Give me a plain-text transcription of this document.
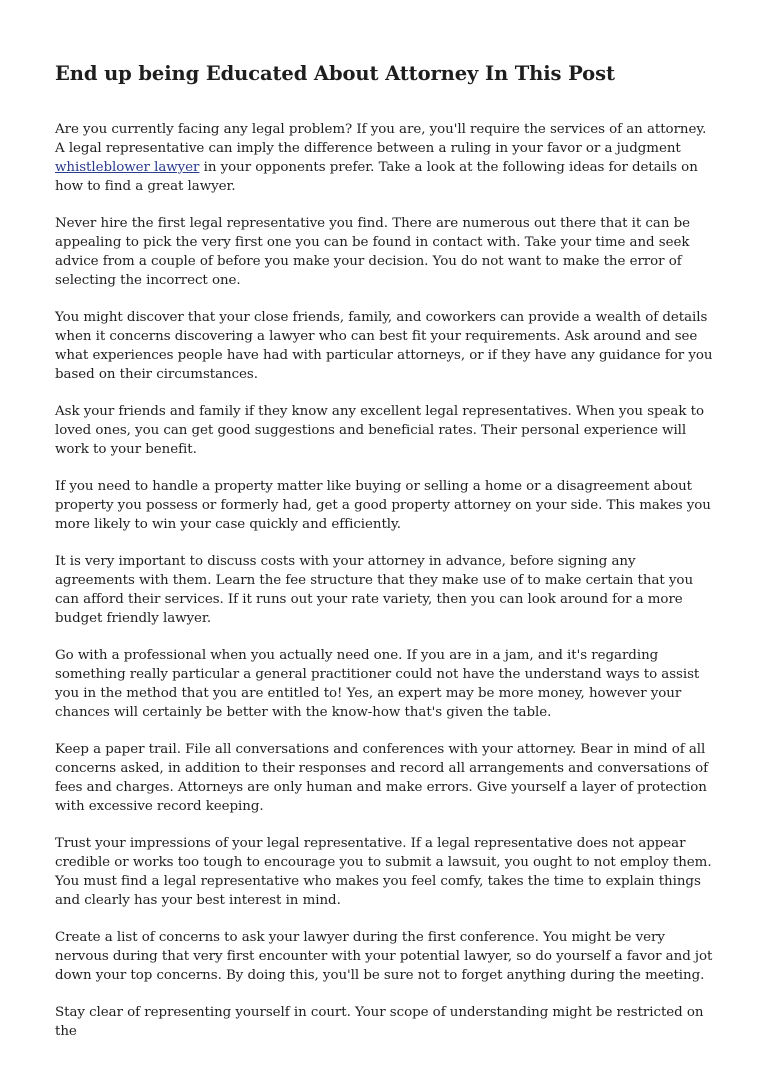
End up being Educated About Attorney In This Post

Are you currently facing any legal problem? If you are, you'll require the services of an attorney. A legal representative can imply the difference between a ruling in your favor or a judgment whistleblower lawyer in your opponents prefer. Take a look at the following ideas for details on how to find a great lawyer.

Never hire the first legal representative you find. There are numerous out there that it can be appealing to pick the very first one you can be found in contact with. Take your time and seek advice from a couple of before you make your decision. You do not want to make the error of selecting the incorrect one.

You might discover that your close friends, family, and coworkers can provide a wealth of details when it concerns discovering a lawyer who can best fit your requirements. Ask around and see what experiences people have had with particular attorneys, or if they have any guidance for you based on their circumstances.

Ask your friends and family if they know any excellent legal representatives. When you speak to loved ones, you can get good suggestions and beneficial rates. Their personal experience will work to your benefit.

If you need to handle a property matter like buying or selling a home or a disagreement about property you possess or formerly had, get a good property attorney on your side. This makes you more likely to win your case quickly and efficiently.

It is very important to discuss costs with your attorney in advance, before signing any agreements with them. Learn the fee structure that they make use of to make certain that you can afford their services. If it runs out your rate variety, then you can look around for a more budget friendly lawyer.

Go with a professional when you actually need one. If you are in a jam, and it's regarding something really particular a general practitioner could not have the understand ways to assist you in the method that you are entitled to! Yes, an expert may be more money, however your chances will certainly be better with the know-how that's given the table.

Keep a paper trail. File all conversations and conferences with your attorney. Bear in mind of all concerns asked, in addition to their responses and record all arrangements and conversations of fees and charges. Attorneys are only human and make errors. Give yourself a layer of protection with excessive record keeping.

Trust your impressions of your legal representative. If a legal representative does not appear credible or works too tough to encourage you to submit a lawsuit, you ought to not employ them. You must find a legal representative who makes you feel comfy, takes the time to explain things and clearly has your best interest in mind.

Create a list of concerns to ask your lawyer during the first conference. You might be very nervous during that very first encounter with your potential lawyer, so do yourself a favor and jot down your top concerns. By doing this, you'll be sure not to forget anything during the meeting.

Stay clear of representing yourself in court. Your scope of understanding might be restricted on the
